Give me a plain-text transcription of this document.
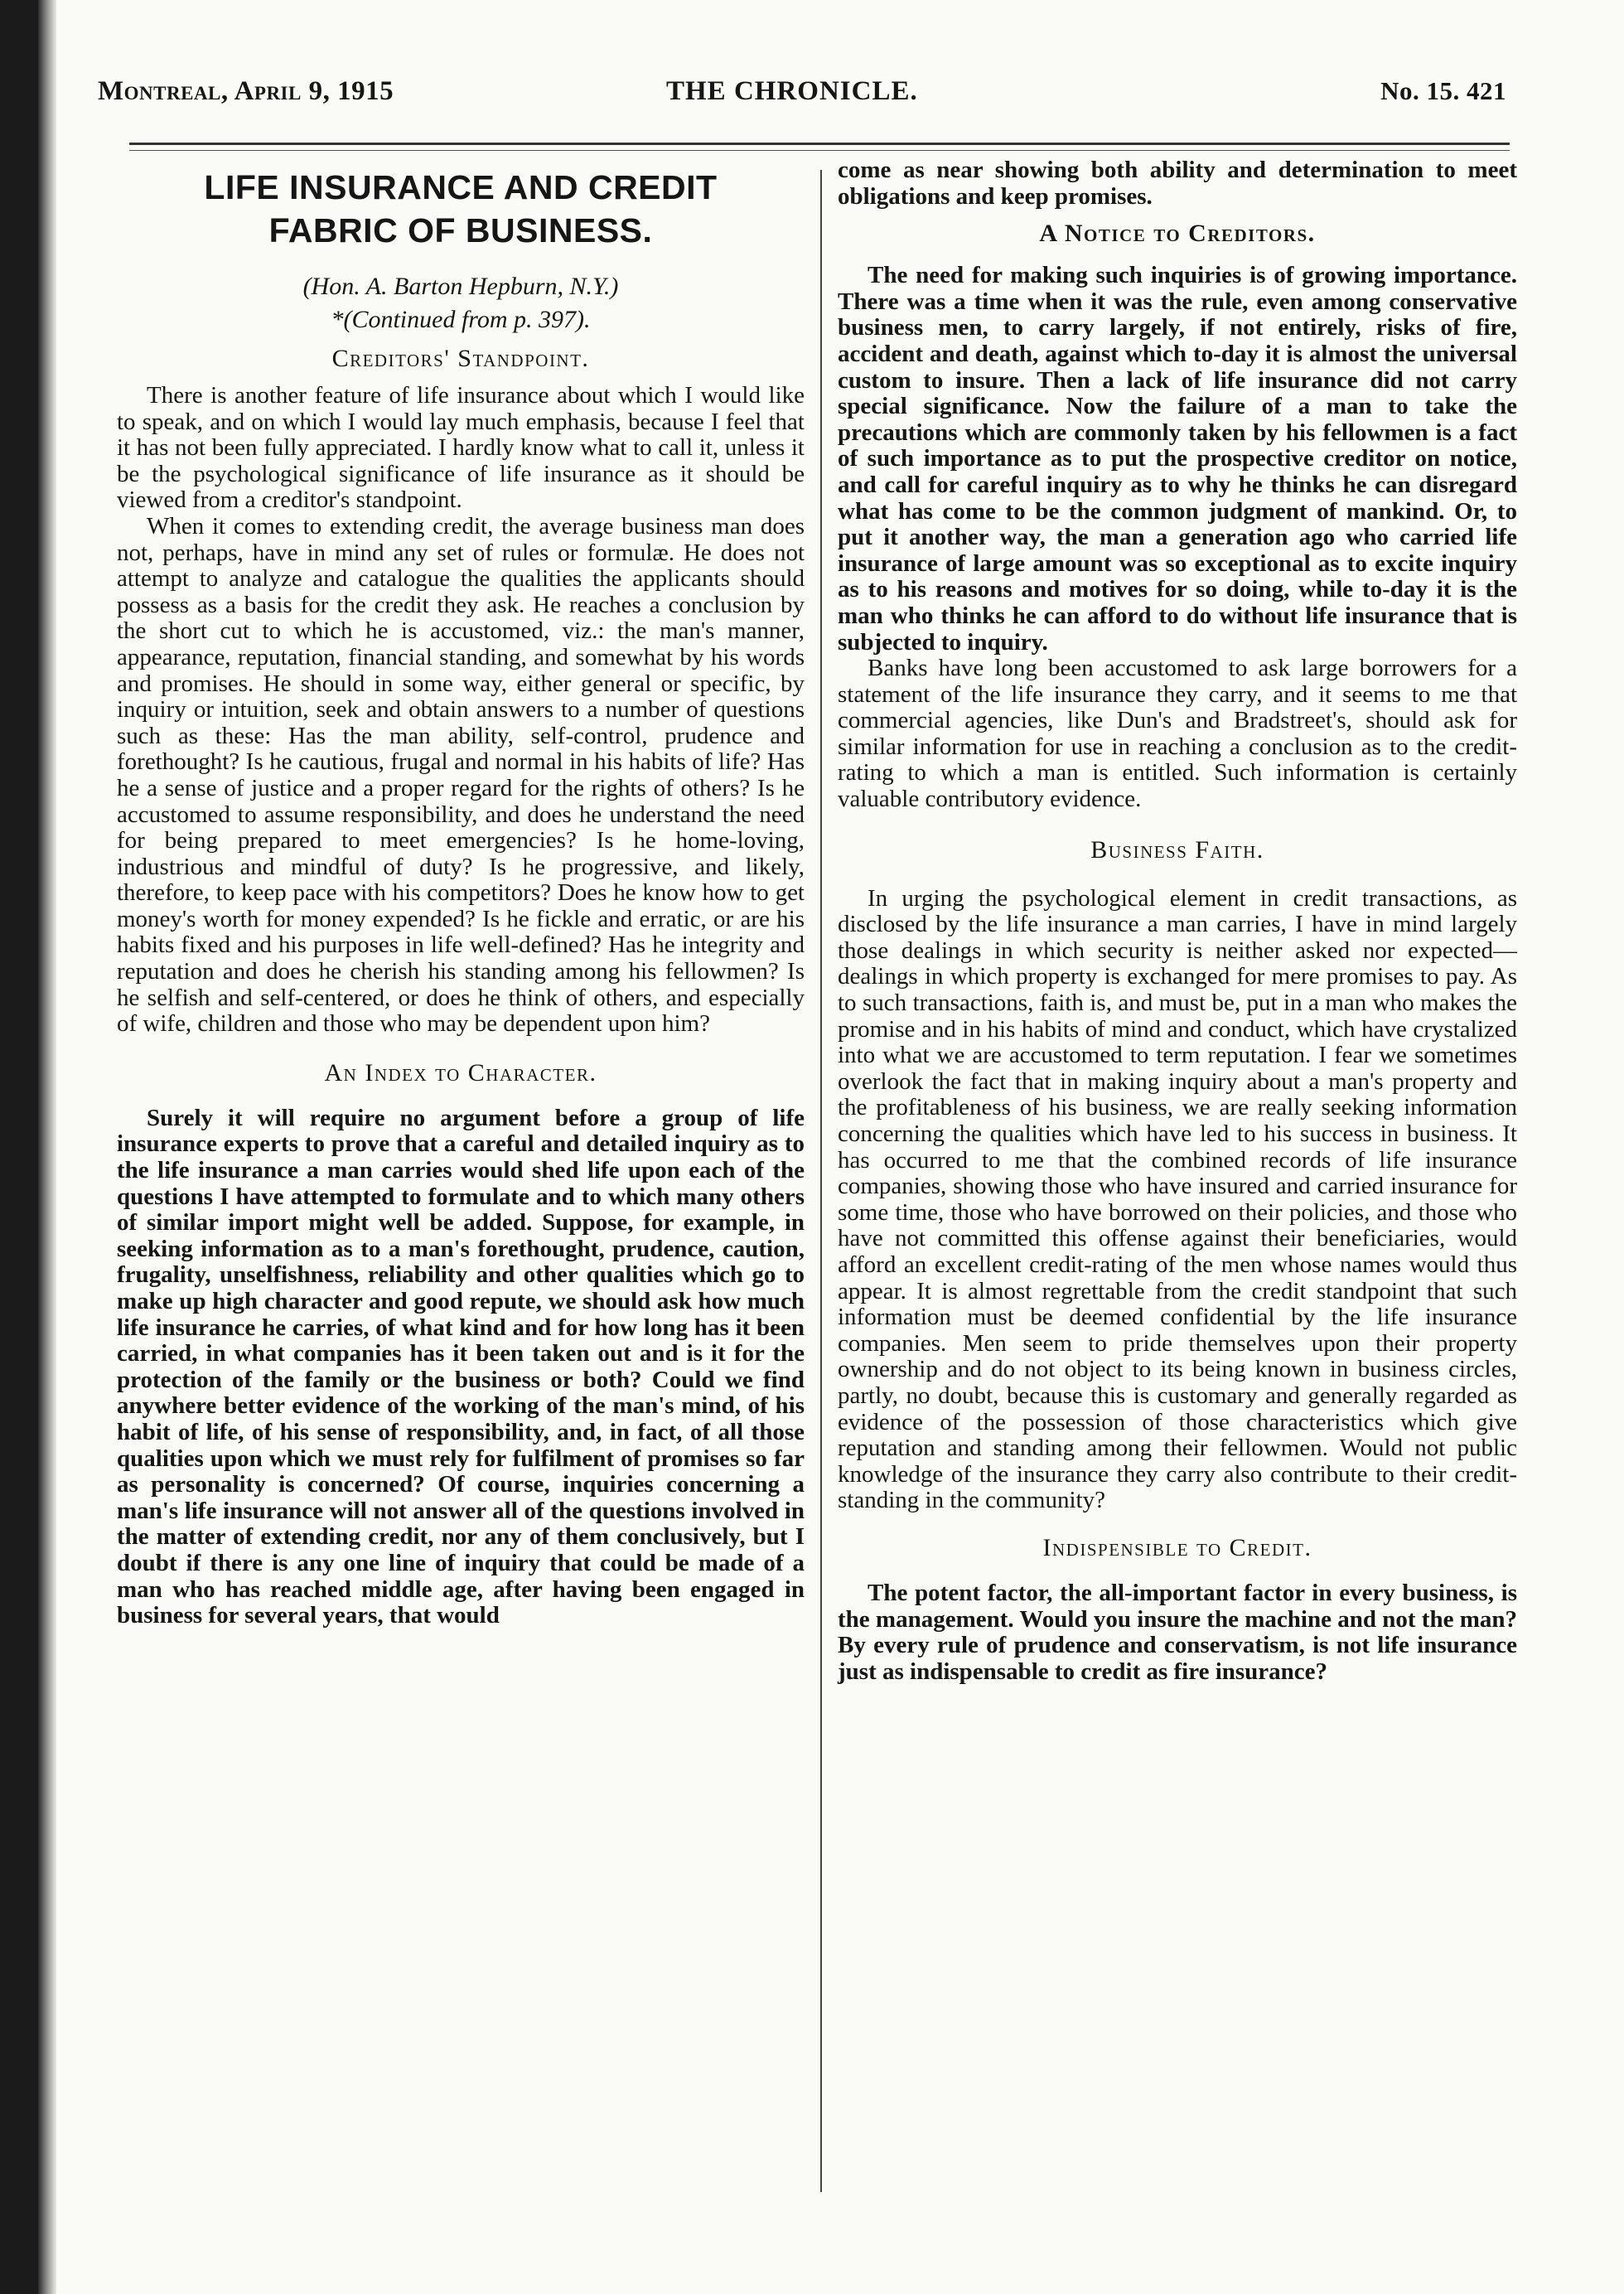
Montreal, April 9, 1915	THE CHRONICLE.	No. 15. 421
LIFE INSURANCE AND CREDIT
FABRIC OF BUSINESS.
(Hon. A. Barton Hepburn, N.Y.)
*(Continued from p. 397).
Creditors' Standpoint.

There is another feature of life insurance about which I would like to speak, and on which I would lay much emphasis, because I feel that it has not been fully appreciated. I hardly know what to call it, unless it be the psychological significance of life insurance as it should be viewed from a creditor's standpoint.

When it comes to extending credit, the average business man does not, perhaps, have in mind any set of rules or formulæ. He does not attempt to analyze and catalogue the qualities the applicants should possess as a basis for the credit they ask. He reaches a conclusion by the short cut to which he is accustomed, viz.: the man's manner, appearance, reputation, financial standing, and somewhat by his words and promises. He should in some way, either general or specific, by inquiry or intuition, seek and obtain answers to a number of questions such as these: Has the man ability, self-control, prudence and forethought? Is he cautious, frugal and normal in his habits of life? Has he a sense of justice and a proper regard for the rights of others? Is he accustomed to assume responsibility, and does he understand the need for being prepared to meet emergencies? Is he home-loving, industrious and mindful of duty? Is he progressive, and likely, therefore, to keep pace with his competitors? Does he know how to get money's worth for money expended? Is he fickle and erratic, or are his habits fixed and his purposes in life well-defined? Has he integrity and reputation and does he cherish his standing among his fellowmen? Is he selfish and self-centered, or does he think of others, and especially of wife, children and those who may be dependent upon him?

An Index to Character.

Surely it will require no argument before a group of life insurance experts to prove that a careful and detailed inquiry as to the life insurance a man carries would shed life upon each of the questions I have attempted to formulate and to which many others of similar import might well be added. Suppose, for example, in seeking information as to a man's forethought, prudence, caution, frugality, unselfishness, reliability and other qualities which go to make up high character and good repute, we should ask how much life insurance he carries, of what kind and for how long has it been carried, in what companies has it been taken out and is it for the protection of the family or the business or both? Could we find anywhere better evidence of the working of the man's mind, of his habit of life, of his sense of responsibility, and, in fact, of all those qualities upon which we must rely for fulfilment of promises so far as personality is concerned? Of course, inquiries concerning a man's life insurance will not answer all of the questions involved in the matter of extending credit, nor any of them conclusively, but I doubt if there is any one line of inquiry that could be made of a man who has reached middle age, after having been engaged in business for several years, that would

come as near showing both ability and determination to meet obligations and keep promises.

A Notice to Creditors.

The need for making such inquiries is of growing importance. There was a time when it was the rule, even among conservative business men, to carry largely, if not entirely, risks of fire, accident and death, against which to-day it is almost the universal custom to insure. Then a lack of life insurance did not carry special significance. Now the failure of a man to take the precautions which are commonly taken by his fellowmen is a fact of such importance as to put the prospective creditor on notice, and call for careful inquiry as to why he thinks he can disregard what has come to be the common judgment of mankind. Or, to put it another way, the man a generation ago who carried life insurance of large amount was so exceptional as to excite inquiry as to his reasons and motives for so doing, while to-day it is the man who thinks he can afford to do without life insurance that is subjected to inquiry.

Banks have long been accustomed to ask large borrowers for a statement of the life insurance they carry, and it seems to me that commercial agencies, like Dun's and Bradstreet's, should ask for similar information for use in reaching a conclusion as to the credit-rating to which a man is entitled. Such information is certainly valuable contributory evidence.

Business Faith.

In urging the psychological element in credit transactions, as disclosed by the life insurance a man carries, I have in mind largely those dealings in which security is neither asked nor expected—dealings in which property is exchanged for mere promises to pay. As to such transactions, faith is, and must be, put in a man who makes the promise and in his habits of mind and conduct, which have crystalized into what we are accustomed to term reputation. I fear we sometimes overlook the fact that in making inquiry about a man's property and the profitableness of his business, we are really seeking information concerning the qualities which have led to his success in business. It has occurred to me that the combined records of life insurance companies, showing those who have insured and carried insurance for some time, those who have borrowed on their policies, and those who have not committed this offense against their beneficiaries, would afford an excellent credit-rating of the men whose names would thus appear. It is almost regrettable from the credit standpoint that such information must be deemed confidential by the life insurance companies. Men seem to pride themselves upon their property ownership and do not object to its being known in business circles, partly, no doubt, because this is customary and generally regarded as evidence of the possession of those characteristics which give reputation and standing among their fellowmen. Would not public knowledge of the insurance they carry also contribute to their credit-standing in the community?

Indispensible to Credit.

The potent factor, the all-important factor in every business, is the management. Would you insure the machine and not the man? By every rule of prudence and conservatism, is not life insurance just as indispensable to credit as fire insurance?
